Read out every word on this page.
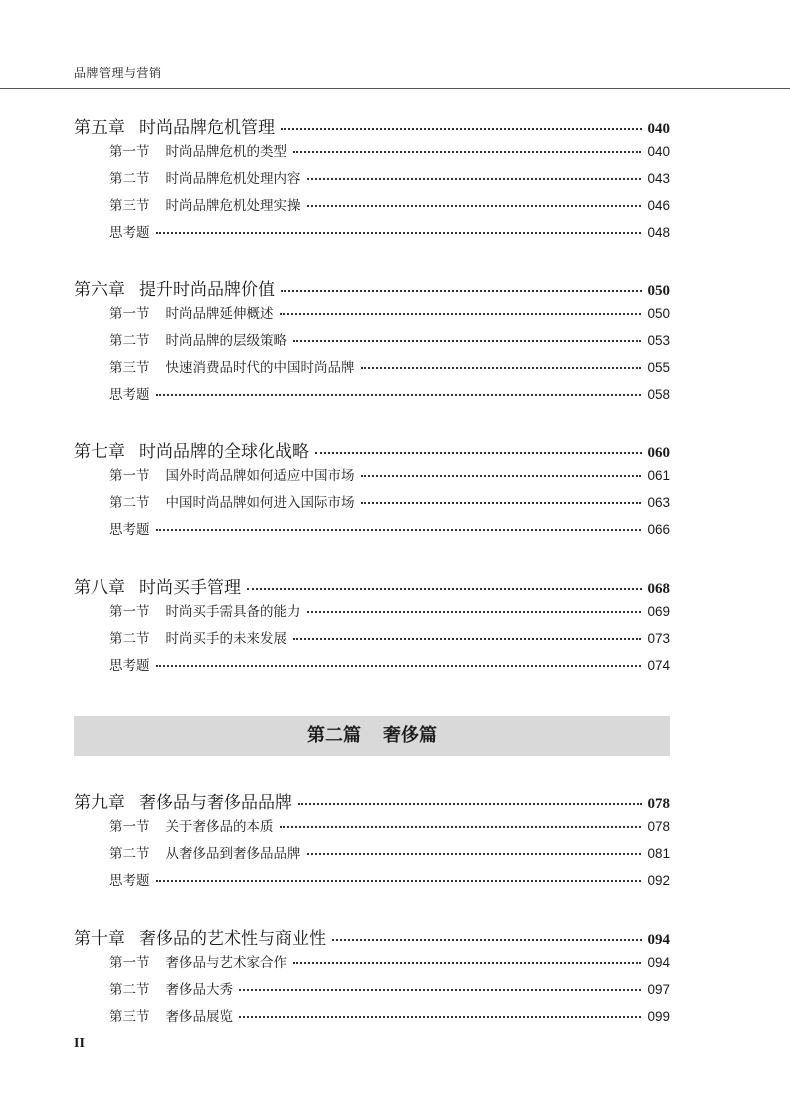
品牌管理与营销
第五章 时尚品牌危机管理	040
第一节 时尚品牌危机的类型	040
第二节 时尚品牌危机处理内容	043
第三节 时尚品牌危机处理实操	046
思考题	048
第六章 提升时尚品牌价值	050
第一节 时尚品牌延伸概述	050
第二节 时尚品牌的层级策略	053
第三节 快速消费品时代的中国时尚品牌	055
思考题	058
第七章 时尚品牌的全球化战略	060
第一节 国外时尚品牌如何适应中国市场	061
第二节 中国时尚品牌如何进入国际市场	063
思考题	066
第八章 时尚买手管理	068
第一节 时尚买手需具备的能力	069
第二节 时尚买手的未来发展	073
思考题	074
第二篇 奢侈篇
第九章 奢侈品与奢侈品品牌	078
第一节 关于奢侈品的本质	078
第二节 从奢侈品到奢侈品品牌	081
思考题	092
第十章 奢侈品的艺术性与商业性	094
第一节 奢侈品与艺术家合作	094
第二节 奢侈品大秀	097
第三节 奢侈品展览	099
II
